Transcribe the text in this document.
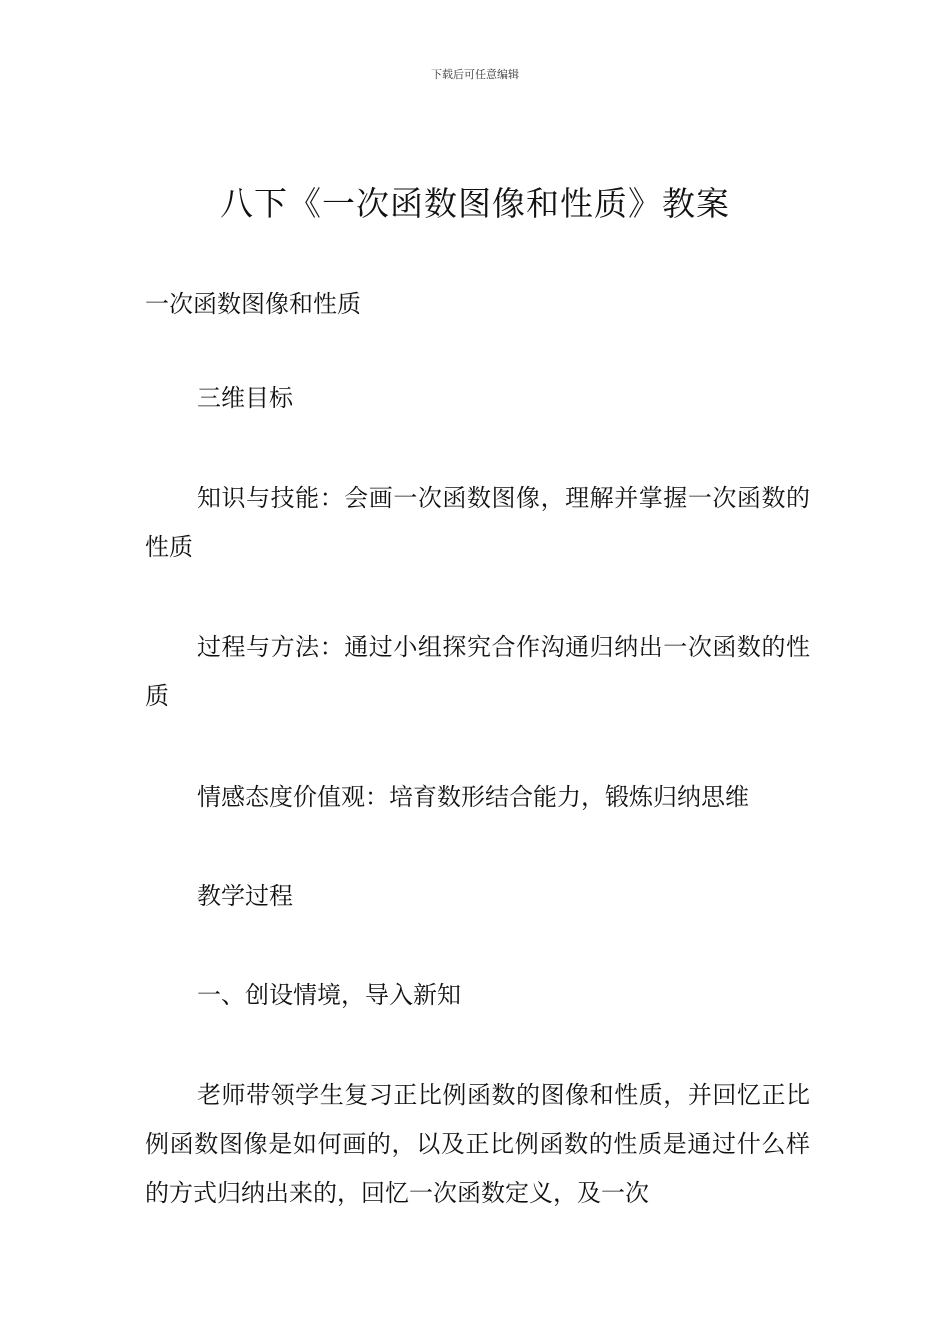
下载后可任意编辑
八下《一次函数图像和性质》教案

一次函数图像和性质

三维目标

知识与技能：会画一次函数图像，理解并掌握一次函数的性质

过程与方法：通过小组探究合作沟通归纳出一次函数的性质

情感态度价值观：培育数形结合能力，锻炼归纳思维

教学过程

一、创设情境，导入新知

老师带领学生复习正比例函数的图像和性质，并回忆正比例函数图像是如何画的，以及正比例函数的性质是通过什么样的方式归纳出来的，回忆一次函数定义，及一次
